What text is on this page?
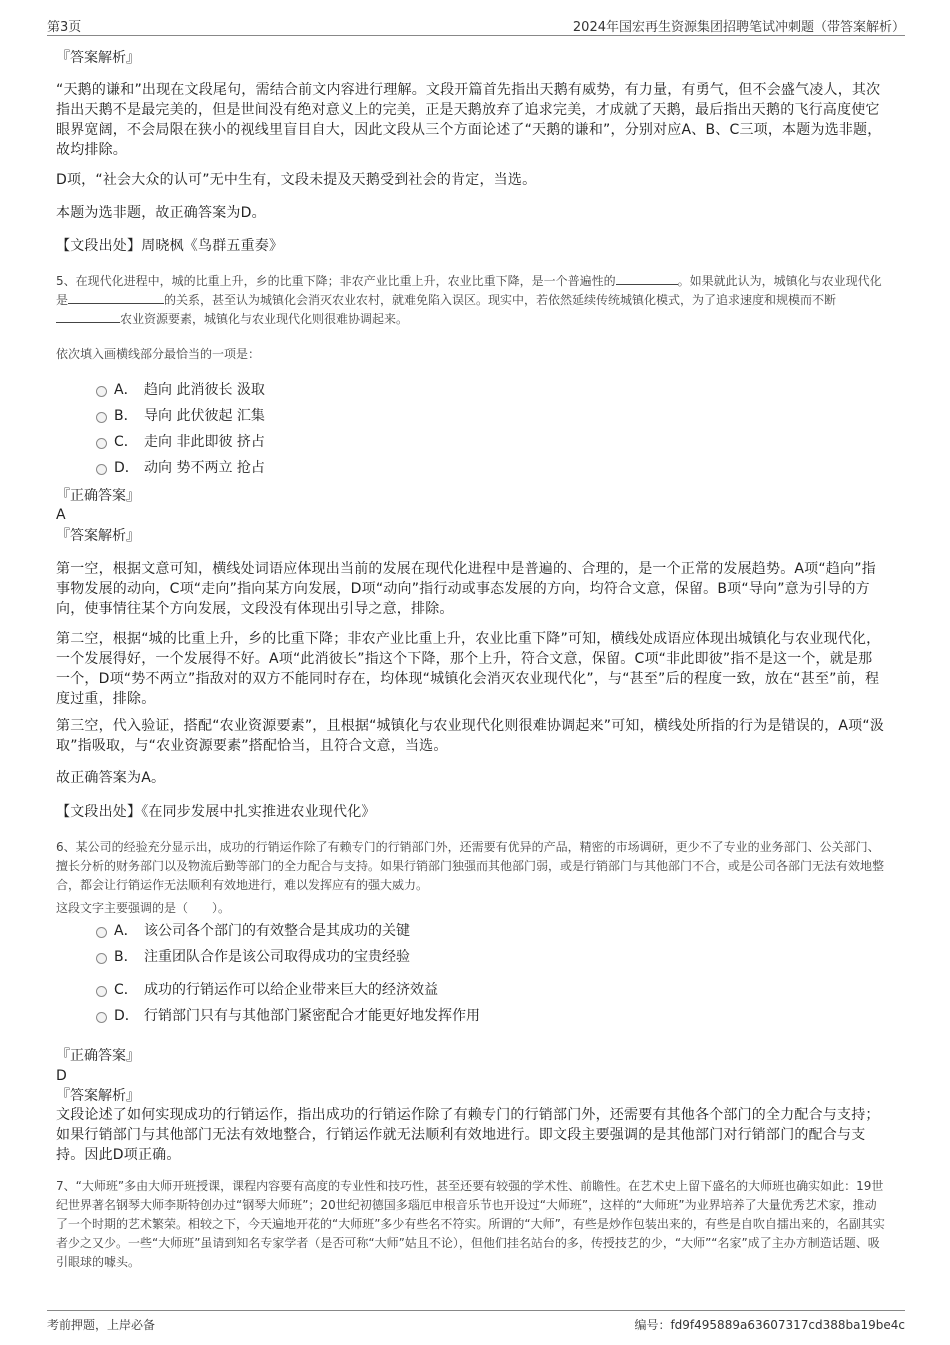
第3页	2024年国宏再生资源集团招聘笔试冲刺题（带答案解析）
『答案解析』
“天鹅的谦和”出现在文段尾句，需结合前文内容进行理解。文段开篇首先指出天鹅有威势，有力量，有勇气，但不会盛气凌人，其次指出天鹅不是最完美的，但是世间没有绝对意义上的完美，正是天鹅放弃了追求完美，才成就了天鹅，最后指出天鹅的飞行高度使它眼界宽阔，不会局限在狭小的视线里盲目自大，因此文段从三个方面论述了“天鹅的谦和”，分别对应A、B、C三项，本题为选非题，故均排除。
D项，“社会大众的认可”无中生有，文段未提及天鹅受到社会的肯定，当选。
本题为选非题，故正确答案为D。
【文段出处】周晓枫《鸟群五重奏》
5、在现代化进程中，城的比重上升，乡的比重下降；非农产业比重上升，农业比重下降，是一个普遍性的	。如果就此认为，城镇化与农业现代化是	的关系，甚至认为城镇化会消灭农业农村，就难免陷入误区。现实中，若依然延续传统城镇化模式，为了追求速度和规模而不断农业资源要素，城镇化与农业现代化则很难协调起来。
依次填入画横线部分最恰当的一项是：
A． 趋向 此消彼长 汲取
B． 导向 此伏彼起 汇集
C． 走向 非此即彼 挤占
D． 动向 势不两立 抢占
『正确答案』
A
『答案解析』
第一空，根据文意可知，横线处词语应体现出当前的发展在现代化进程中是普遍的、合理的，是一个正常的发展趋势。A项“趋向”指事物发展的动向，C项“走向”指向某方向发展，D项“动向”指行动或事态发展的方向，均符合文意，保留。B项“导向”意为引导的方向，使事情往某个方向发展，文段没有体现出引导之意，排除。
第二空，根据“城的比重上升，乡的比重下降；非农产业比重上升，农业比重下降”可知，横线处成语应体现出城镇化与农业现代化，一个发展得好，一个发展得不好。A项“此消彼长”指这个下降，那个上升，符合文意，保留。C项“非此即彼”指不是这一个，就是那一个，D项“势不两立”指敌对的双方不能同时存在，均体现“城镇化会消灭农业现代化”，与“甚至”后的程度一致，放在“甚至”前，程度过重，排除。
第三空，代入验证，搭配“农业资源要素”，且根据“城镇化与农业现代化则很难协调起来”可知，横线处所指的行为是错误的，A项“汲取”指吸取，与“农业资源要素”搭配恰当，且符合文意，当选。
故正确答案为A。
【文段出处】《在同步发展中扎实推进农业现代化》
6、某公司的经验充分显示出，成功的行销运作除了有赖专门的行销部门外，还需要有优异的产品，精密的市场调研，更少不了专业的业务部门、公关部门、擅长分析的财务部门以及物流后勤等部门的全力配合与支持。如果行销部门独强而其他部门弱，或是行销部门与其他部门不合，或是公司各部门无法有效地整合，都会让行销运作无法顺利有效地进行，难以发挥应有的强大威力。
这段文字主要强调的是（　　）。
A． 该公司各个部门的有效整合是其成功的关键
B． 注重团队合作是该公司取得成功的宝贵经验
C． 成功的行销运作可以给企业带来巨大的经济效益
D． 行销部门只有与其他部门紧密配合才能更好地发挥作用
『正确答案』
D
『答案解析』
文段论述了如何实现成功的行销运作，指出成功的行销运作除了有赖专门的行销部门外，还需要有其他各个部门的全力配合与支持；如果行销部门与其他部门无法有效地整合，行销运作就无法顺利有效地进行。即文段主要强调的是其他部门对行销部门的配合与支持。因此D项正确。
7、“大师班”多由大师开班授课，课程内容要有高度的专业性和技巧性，甚至还要有较强的学术性、前瞻性。在艺术史上留下盛名的大师班也确实如此：19世纪世界著名钢琴大师李斯特创办过“钢琴大师班”；20世纪初德国多瑙厄申根音乐节也开设过“大师班”，这样的“大师班”为业界培养了大量优秀艺术家，推动了一个时期的艺术繁荣。相较之下，今天遍地开花的“大师班”多少有些名不符实。所谓的“大师”，有些是炒作包装出来的，有些是自吹自擂出来的，名副其实者少之又少。一些“大师班”虽请到知名专家学者（是否可称“大师”姑且不论），但他们挂名站台的多，传授技艺的少，“大师”“名家”成了主办方制造话题、吸引眼球的噱头。
考前押题，上岸必备	编号：fd9f495889a63607317cd388ba19be4c
